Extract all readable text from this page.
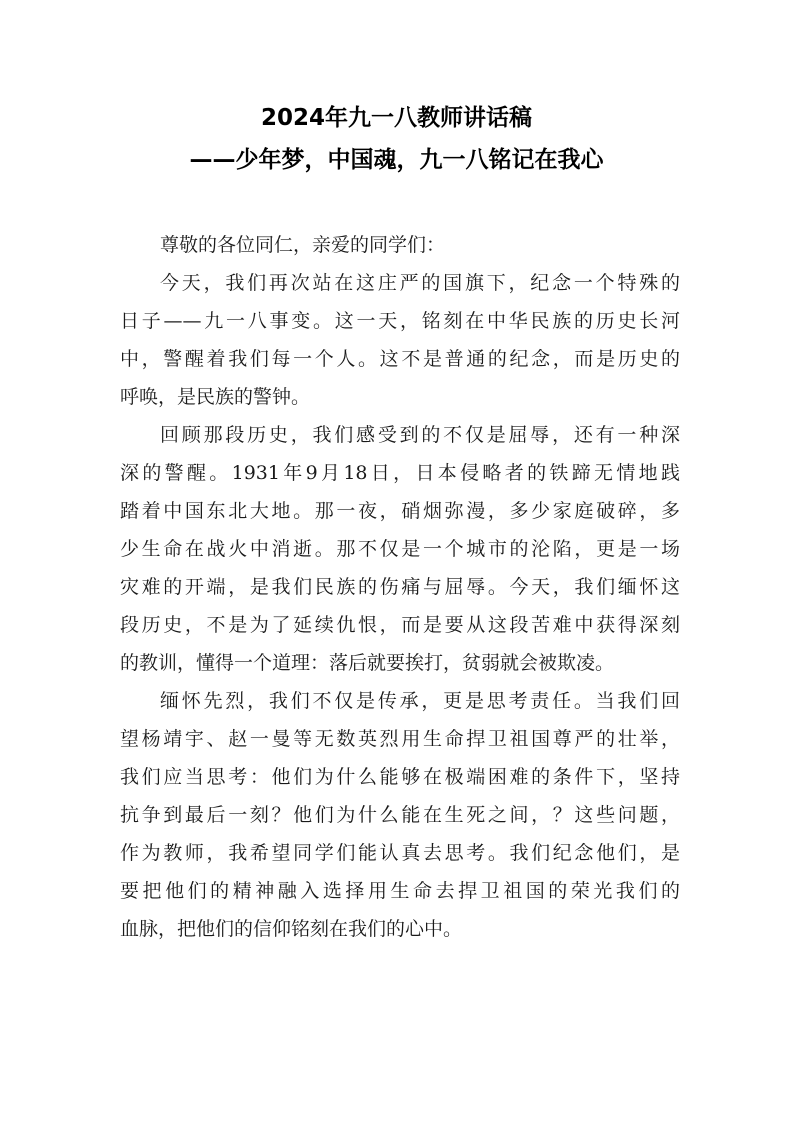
2024年九一八教师讲话稿
——少年梦，中国魂，九一八铭记在我心
尊敬的各位同仁，亲爱的同学们：
今天，我们再次站在这庄严的国旗下，纪念一个特殊的
日子——九一八事变。这一天，铭刻在中华民族的历史长河
中，警醒着我们每一个人。这不是普通的纪念，而是历史的
呼唤，是民族的警钟。
回顾那段历史，我们感受到的不仅是屈辱，还有一种深
深的警醒。1931年9月18日，日本侵略者的铁蹄无情地践
踏着中国东北大地。那一夜，硝烟弥漫，多少家庭破碎，多
少生命在战火中消逝。那不仅是一个城市的沦陷，更是一场
灾难的开端，是我们民族的伤痛与屈辱。今天，我们缅怀这
段历史，不是为了延续仇恨，而是要从这段苦难中获得深刻
的教训，懂得一个道理：落后就要挨打，贫弱就会被欺凌。
缅怀先烈，我们不仅是传承，更是思考责任。当我们回
望杨靖宇、赵一曼等无数英烈用生命捍卫祖国尊严的壮举，
我们应当思考：他们为什么能够在极端困难的条件下，坚持
抗争到最后一刻？他们为什么能在生死之间，？这些问题，
作为教师，我希望同学们能认真去思考。我们纪念他们，是
要把他们的精神融入选择用生命去捍卫祖国的荣光我们的
血脉，把他们的信仰铭刻在我们的心中。
